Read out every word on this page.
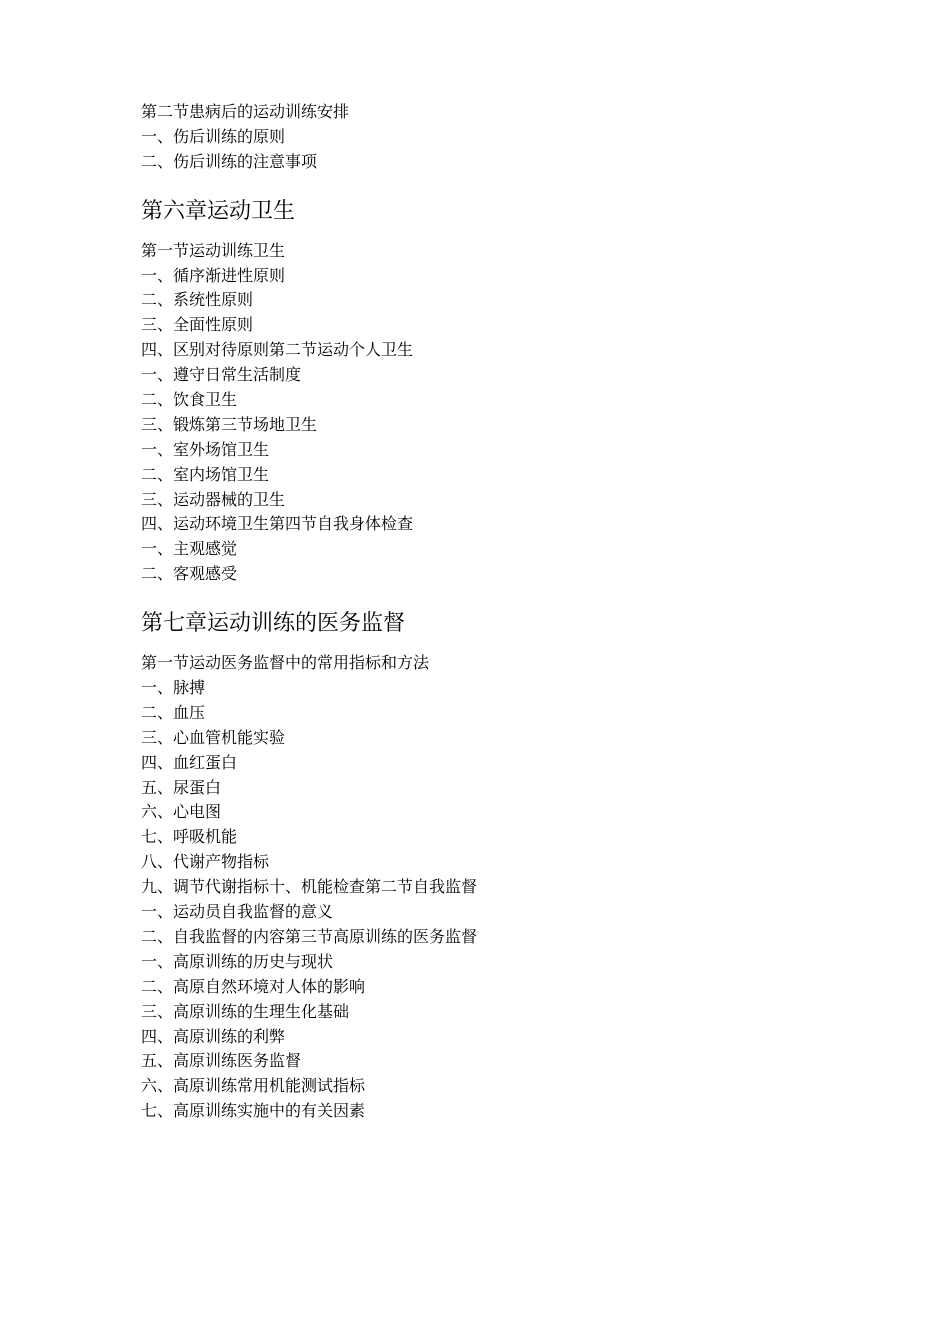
第二节患病后的运动训练安排
一、伤后训练的原则
二、伤后训练的注意事项
第六章运动卫生
第一节运动训练卫生
一、循序渐进性原则
二、系统性原则
三、全面性原则
四、区别对待原则第二节运动个人卫生
一、遵守日常生活制度
二、饮食卫生
三、锻炼第三节场地卫生
一、室外场馆卫生
二、室内场馆卫生
三、运动器械的卫生
四、运动环境卫生第四节自我身体检查
一、主观感觉
二、客观感受
第七章运动训练的医务监督
第一节运动医务监督中的常用指标和方法
一、脉搏
二、血压
三、心血管机能实验
四、血红蛋白
五、尿蛋白
六、心电图
七、呼吸机能
八、代谢产物指标
九、调节代谢指标十、机能检查第二节自我监督
一、运动员自我监督的意义
二、自我监督的内容第三节高原训练的医务监督
一、高原训练的历史与现状
二、高原自然环境对人体的影响
三、高原训练的生理生化基础
四、高原训练的利弊
五、高原训练医务监督
六、高原训练常用机能测试指标
七、高原训练实施中的有关因素
